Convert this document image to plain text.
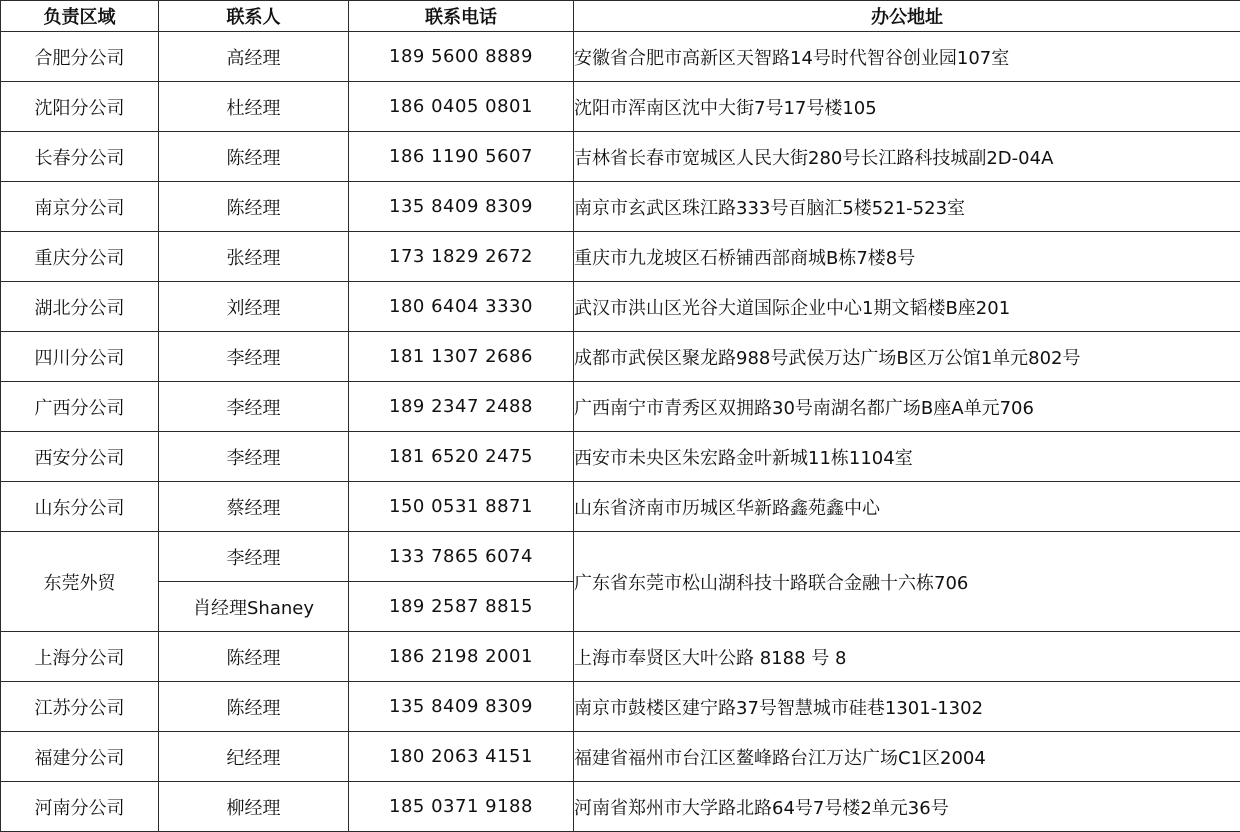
负责区域	联系人	联系电话	办公地址
合肥分公司	高经理	189 5600 8889	安徽省合肥市高新区天智路14号时代智谷创业园107室
沈阳分公司	杜经理	186 0405 0801	沈阳市浑南区沈中大街7号17号楼105
长春分公司	陈经理	186 1190 5607	吉林省长春市宽城区人民大街280号长江路科技城副2D-04A
南京分公司	陈经理	135 8409 8309	南京市玄武区珠江路333号百脑汇5楼521-523室
重庆分公司	张经理	173 1829 2672	重庆市九龙坡区石桥铺西部商城B栋7楼8号
湖北分公司	刘经理	180 6404 3330	武汉市洪山区光谷大道国际企业中心1期文韬楼B座201
四川分公司	李经理	181 1307 2686	成都市武侯区聚龙路988号武侯万达广场B区万公馆1单元802号
广西分公司	李经理	189 2347 2488	广西南宁市青秀区双拥路30号南湖名都广场B座A单元706
西安分公司	李经理	181 6520 2475	西安市未央区朱宏路金叶新城11栋1104室
山东分公司	蔡经理	150 0531 8871	山东省济南市历城区华新路鑫苑鑫中心
东莞外贸	李经理	133 7865 6074	广东省东莞市松山湖科技十路联合金融十六栋706
	肖经理Shaney	189 2587 8815	
上海分公司	陈经理	186 2198 2001	上海市奉贤区大叶公路 8188 号 8
江苏分公司	陈经理	135 8409 8309	南京市鼓楼区建宁路37号智慧城市硅巷1301-1302
福建分公司	纪经理	180 2063 4151	福建省福州市台江区鳌峰路台江万达广场C1区2004
河南分公司	柳经理	185 0371 9188	河南省郑州市大学路北路64号7号楼2单元36号
